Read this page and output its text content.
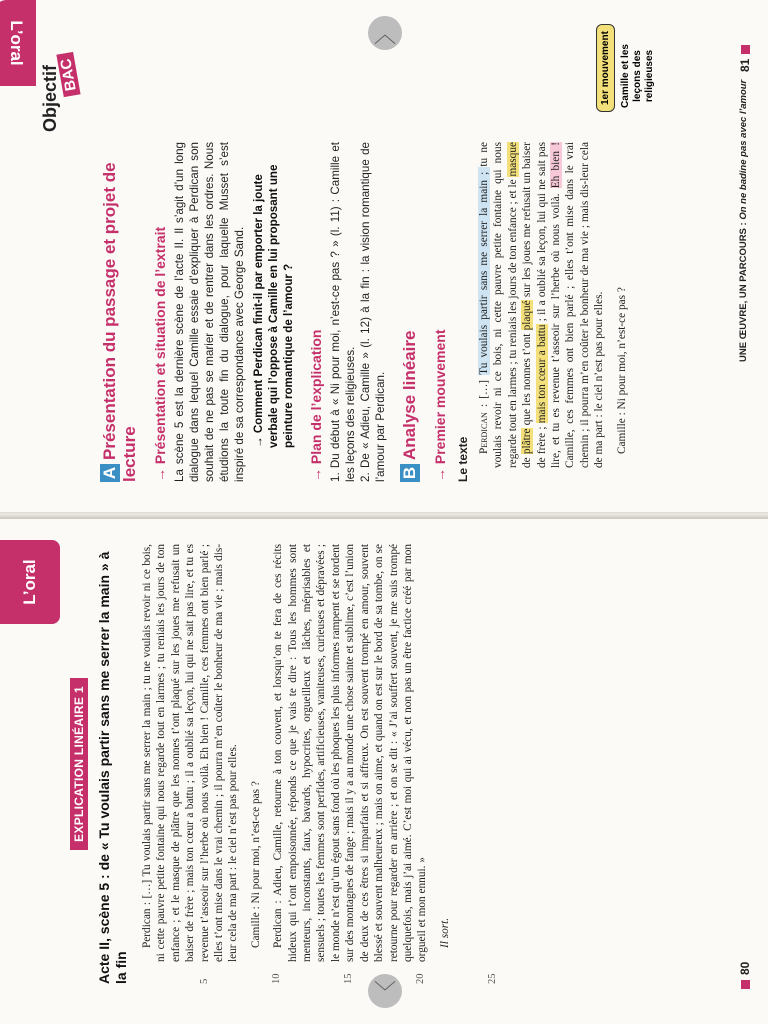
L’oral
EXPLICATION LINÉAIRE 1 Acte II, scène 5 : de « Tu voulais partir sans me serrer la main » à la fin	5	10	15	20	25

Perdican : […] Tu voulais partir sans me serrer la main ; tu ne voulais revoir ni ce bois, ni cette pauvre petite fontaine qui nous regarde tout en larmes ; tu reniais les jours de ton enfance ; et le masque de plâtre que les nonnes t’ont plaqué sur les joues me refusait un baiser de frère ; mais ton cœur a battu ; il a oublié sa leçon, lui qui ne sait pas lire, et tu es revenue t’asseoir sur l’herbe où nous voilà. Eh bien ! Camille, ces femmes ont bien parlé ; elles t’ont mise dans le vrai chemin ; il pourra m’en coûter le bonheur de ma vie ; mais dis-leur cela de ma part : le ciel n’est pas pour elles. Camille : Ni pour moi, n’est-ce pas ? Perdican : Adieu, Camille, retourne à ton couvent, et lorsqu’on te fera de ces récits hideux qui t’ont empoisonnée, réponds ce que je vais te dire : Tous les hommes sont menteurs, inconstants, faux, bavards, hypocrites, orgueilleux et lâches, méprisables et sensuels ; toutes les femmes sont perfides, artificieuses, vaniteuses, curieuses et dépravées ; le monde n’est qu’un égout sans fond où les phoques les plus informes rampent et se tordent sur des montagnes de fange ; mais il y a au monde une chose sainte et sublime, c’est l’union de deux de ces êtres si imparfaits et si affreux. On est souvent trompé en amour, souvent blessé et souvent malheureux ; mais on aime, et quand on est sur le bord de sa tombe, on se retourne pour regarder en arrière ; et on se dit : « J’ai souffert souvent, je me suis trompé quelquefois, mais j’ai aimé. C’est moi qui ai vécu, et non pas un être factice créé par mon orgueil et mon ennui. » Il sort.

80
L’oral
Objectif
BAC
APrésentation du passage et projet de lecture → Présentation et situation de l’extrait La scène 5 est la dernière scène de l’acte II. Il s’agit d’un long dialogue dans lequel Camille essaie d’expliquer à Perdican son souhait de ne pas se marier et de rentrer dans les ordres. Nous étudions la toute fin du dialogue, pour laquelle Musset s’est inspiré de sa correspondance avec George Sand. → Comment Perdican finit-il par emporter la joute verbale qui l’oppose à Camille en lui proposant une peinture romantique de l’amour ? → Plan de l’explication 1. Du début à « Ni pour moi, n’est-ce pas ? » (l. 11) : Camille et les leçons des religieuses. 2. De « Adieu, Camille » (l. 12) à la fin : la vision romantique de l’amour par Perdican. BAnalyse linéaire → Premier mouvement Le texte

Perdican : […] Tu voulais partir sans me serrer la main ; tu ne voulais revoir ni ce bois, ni cette pauvre petite fontaine qui nous regarde tout en larmes ; tu reniais les jours de ton enfance ; et le masque de plâtre que les nonnes t’ont plaqué sur les joues me refusait un baiser de frère ; mais ton cœur a battu ; il a oublié sa leçon, lui qui ne sait pas lire, et tu es revenue t’asseoir sur l’herbe où nous voilà. Eh bien ! Camille, ces femmes ont bien parlé ; elles t’ont mise dans le vrai chemin ; il pourra m’en coûter le bonheur de ma vie ; mais dis-leur cela de ma part : le ciel n’est pas pour elles. Camille : Ni pour moi, n’est-ce pas ?

1er mouvement Camille et les leçons des religieuses
UNE ŒUVRE, UN PARCOURS : On ne badine pas avec l’amour
81
︿
﹀
